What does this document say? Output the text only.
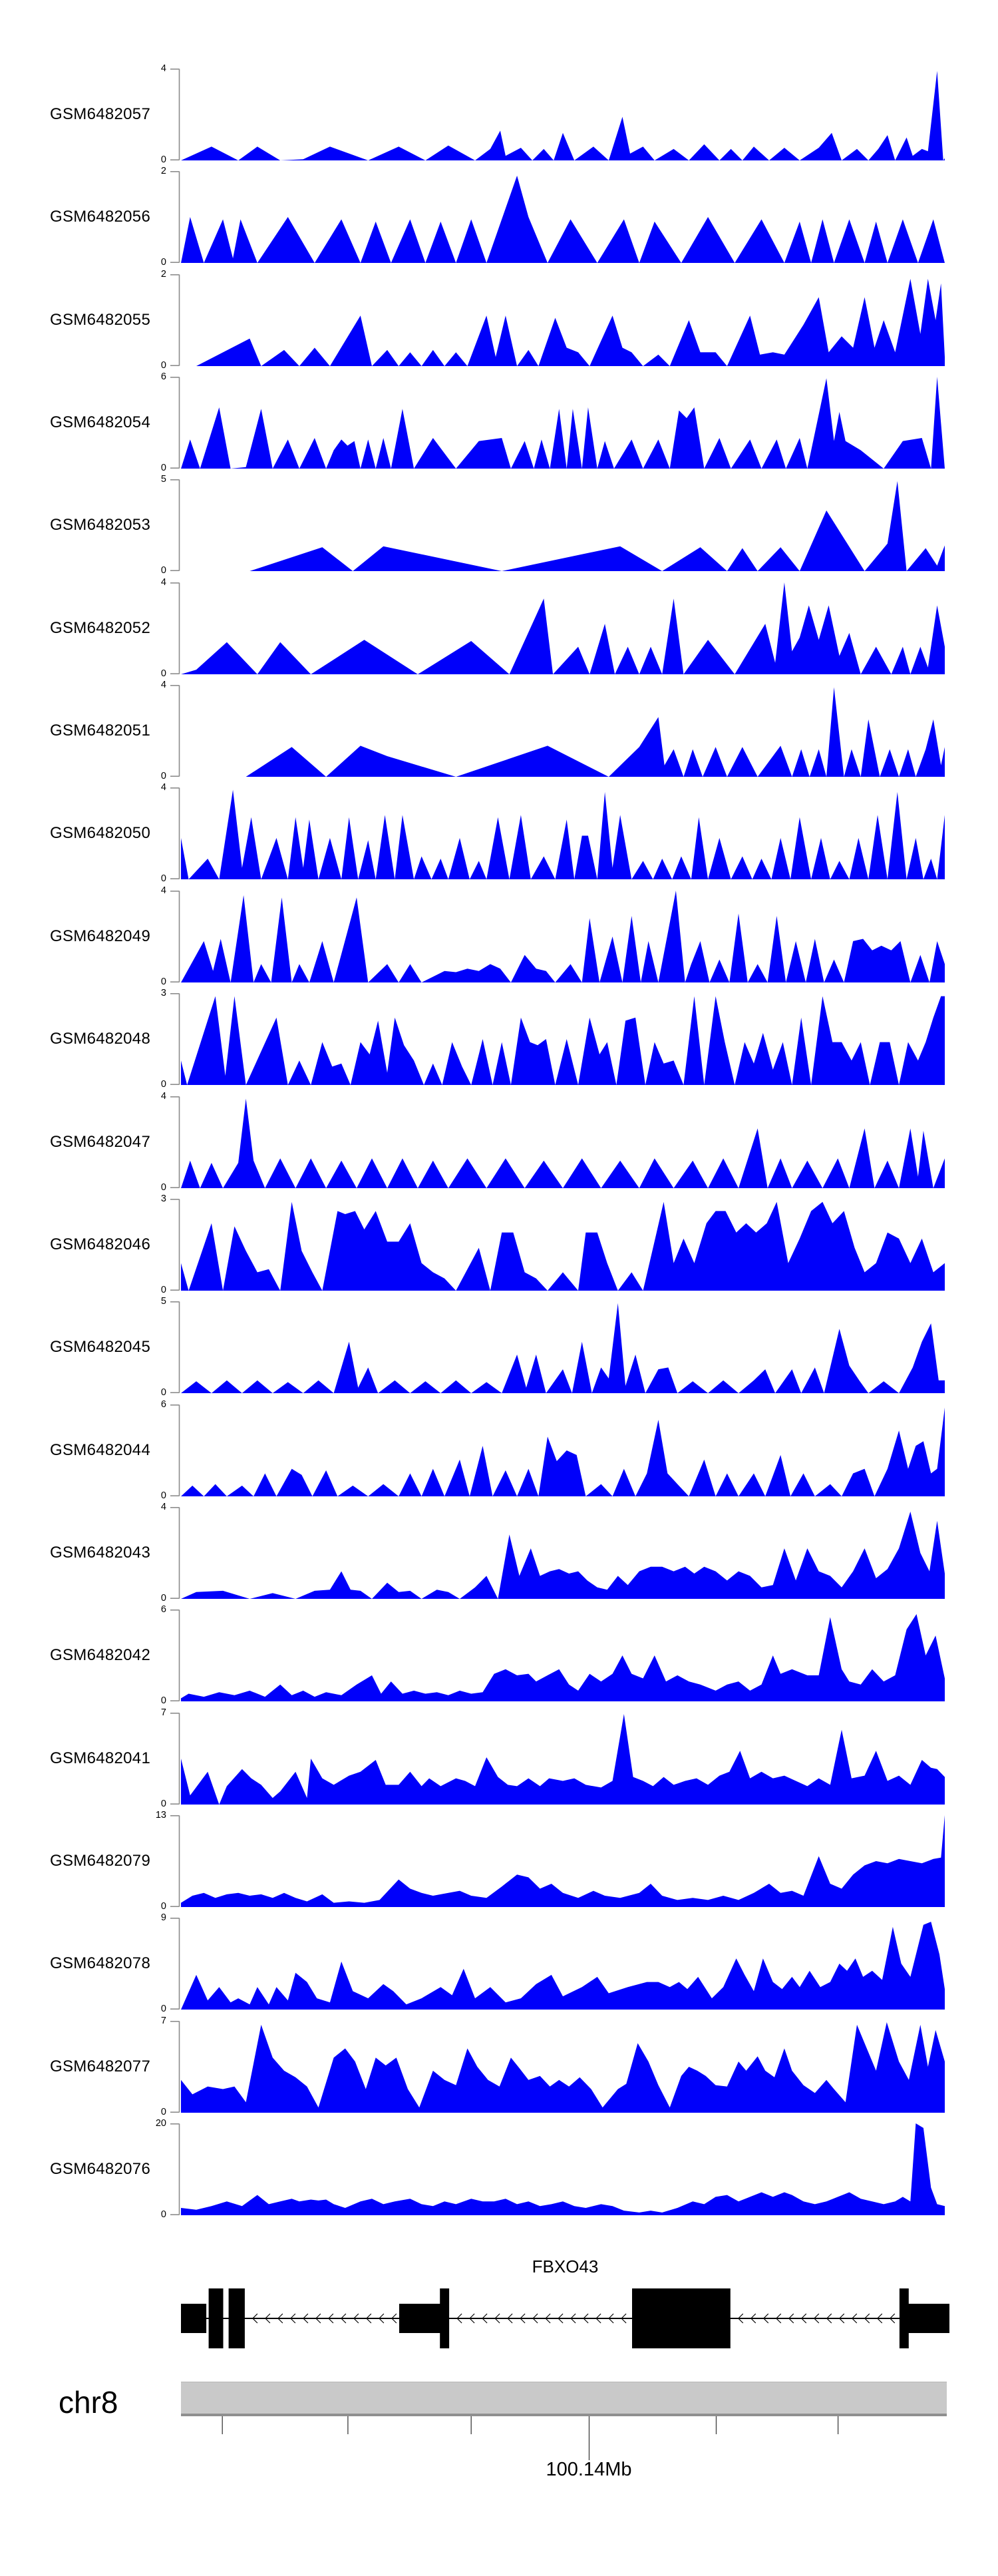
GSM6482057
4
0
GSM6482056
2
0
GSM6482055
2
0
GSM6482054
6
0
GSM6482053
5
0
GSM6482052
4
0
GSM6482051
4
0
GSM6482050
4
0
GSM6482049
4
0
GSM6482048
3
0
GSM6482047
4
0
GSM6482046
3
0
GSM6482045
5
0
GSM6482044
6
0
GSM6482043
4
0
GSM6482042
6
0
GSM6482041
7
0
GSM6482079
13
0
GSM6482078
9
0
GSM6482077
7
0
GSM6482076
20
0
FBXO43
chr8
100.14Mb
